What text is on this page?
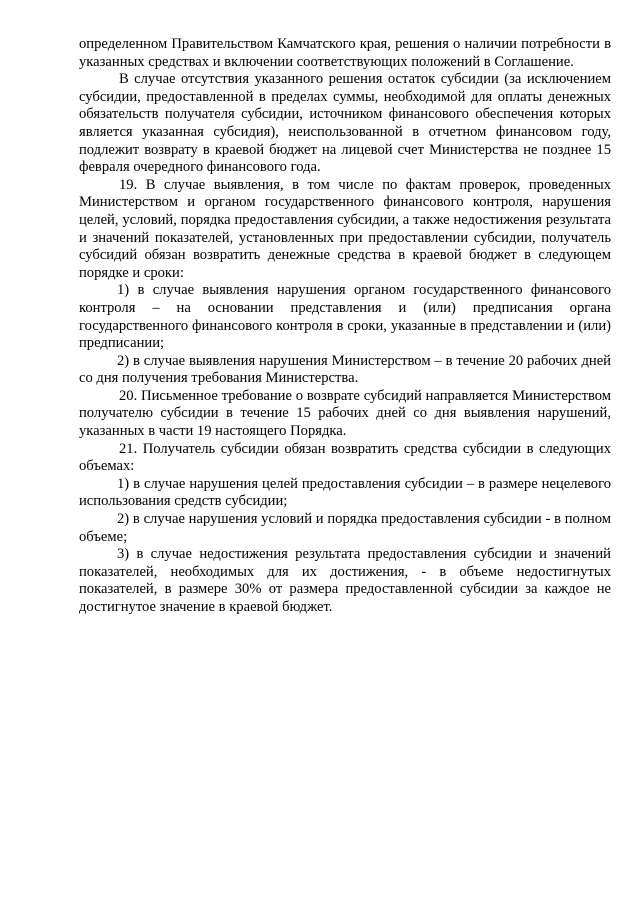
определенном Правительством Камчатского края, решения о наличии потребности в указанных средствах и включении соответствующих положений в Соглашение.

В случае отсутствия указанного решения остаток субсидии (за исключением субсидии, предоставленной в пределах суммы, необходимой для оплаты денежных обязательств получателя субсидии, источником финансового обеспечения которых является указанная субсидия), неиспользованной в отчетном финансовом году, подлежит возврату в краевой бюджет на лицевой счет Министерства не позднее 15 февраля очередного финансового года.

19. В случае выявления, в том числе по фактам проверок, проведенных Министерством и органом государственного финансового контроля, нарушения целей, условий, порядка предоставления субсидии, а также недостижения результата и значений показателей, установленных при предоставлении субсидии, получатель субсидий обязан возвратить денежные средства в краевой бюджет в следующем порядке и сроки:

1) в случае выявления нарушения органом государственного финансового контроля – на основании представления и (или) предписания органа государственного финансового контроля в сроки, указанные в представлении и (или) предписании;

2) в случае выявления нарушения Министерством – в течение 20 рабочих дней со дня получения требования Министерства.

20. Письменное требование о возврате субсидий направляется Министерством получателю субсидии в течение 15 рабочих дней со дня выявления нарушений, указанных в части 19 настоящего Порядка.

21. Получатель субсидии обязан возвратить средства субсидии в следующих объемах:

1) в случае нарушения целей предоставления субсидии – в размере нецелевого использования средств субсидии;

2) в случае нарушения условий и порядка предоставления субсидии - в полном объеме;

3) в случае недостижения результата предоставления субсидии и значений показателей, необходимых для их достижения, - в объеме недостигнутых показателей, в размере 30% от размера предоставленной субсидии за каждое не достигнутое значение в краевой бюджет.
